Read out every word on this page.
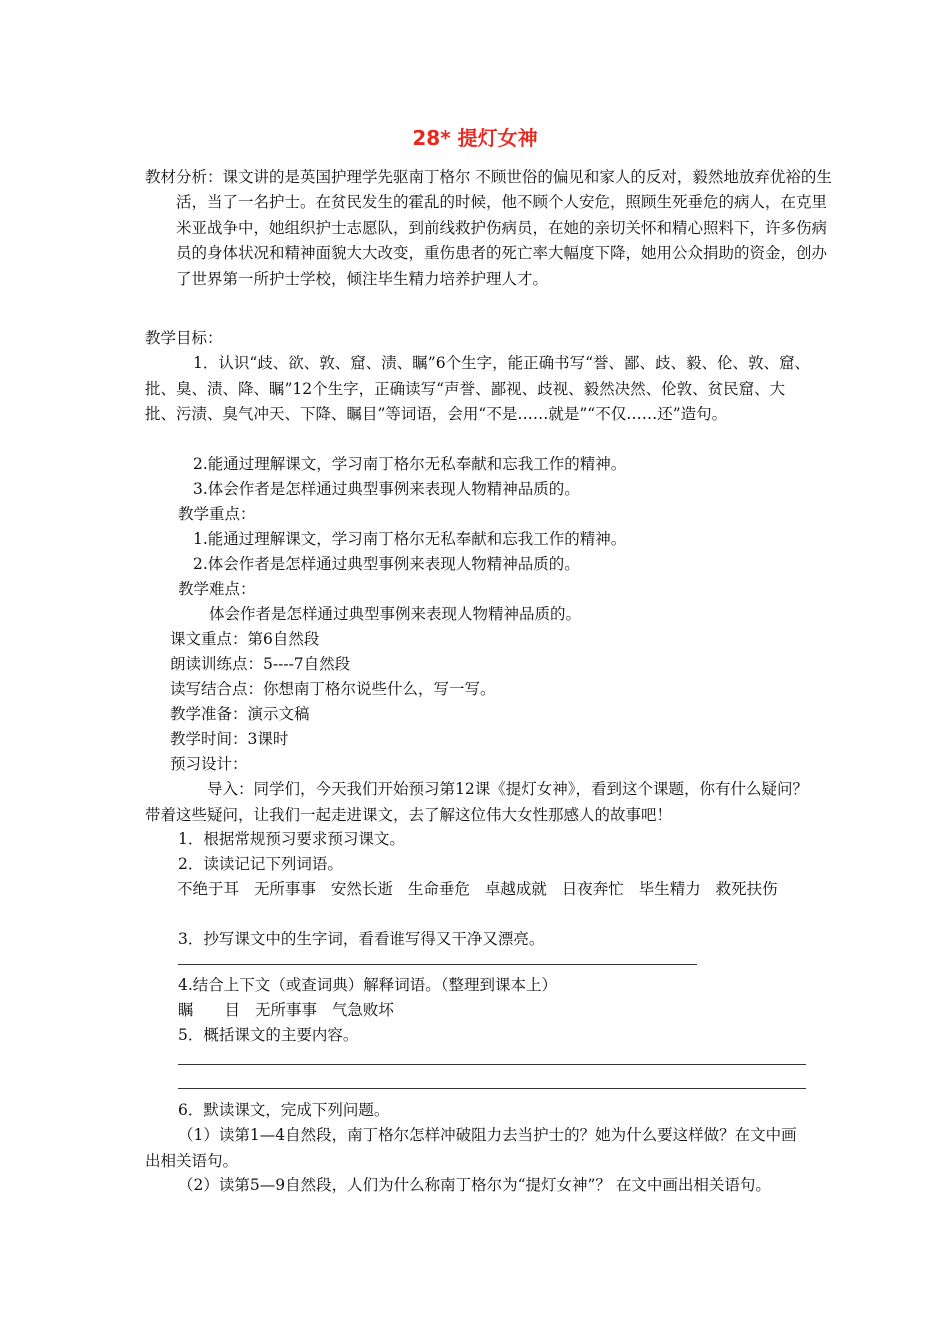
28* 提灯女神

教材分析：课文讲的是英国护理学先驱南丁格尔 不顾世俗的偏见和家人的反对，毅然地放弃优裕的生活，当了一名护士。在贫民发生的霍乱的时候，他不顾个人安危，照顾生死垂危的病人，在克里米亚战争中，她组织护士志愿队，到前线救护伤病员，在她的亲切关怀和精心照料下，许多伤病员的身体状况和精神面貌大大改变，重伤患者的死亡率大幅度下降，她用公众捐助的资金，创办了世界第一所护士学校，倾注毕生精力培养护理人才。

教学目标：

1．认识“歧、欲、敦、窟、渍、瞩”6个生字，能正确书写“誉、鄙、歧、毅、伦、敦、窟、批、臭、渍、降、瞩”12个生字，正确读写“声誉、鄙视、歧视、毅然决然、伦敦、贫民窟、大批、污渍、臭气冲天、下降、瞩目”等词语，会用“不是……就是”“不仅……还”造句。

2.能通过理解课文，学习南丁格尔无私奉献和忘我工作的精神。

3.体会作者是怎样通过典型事例来表现人物精神品质的。

教学重点：

1.能通过理解课文，学习南丁格尔无私奉献和忘我工作的精神。

2.体会作者是怎样通过典型事例来表现人物精神品质的。

教学难点：

体会作者是怎样通过典型事例来表现人物精神品质的。

课文重点：第6自然段

朗读训练点：5----7自然段

读写结合点：你想南丁格尔说些什么，写一写。

教学准备：演示文稿

教学时间：3课时

预习设计：

导入：同学们，今天我们开始预习第12课《提灯女神》，看到这个课题，你有什么疑问？带着这些疑问，让我们一起走进课文，去了解这位伟大女性那感人的故事吧！

1．根据常规预习要求预习课文。

2．读读记记下列词语。

不绝于耳 无所事事 安然长逝 生命垂危 卓越成就 日夜奔忙 毕生精力 救死扶伤

3．抄写课文中的生字词，看看谁写得又干净又漂亮。

4.结合上下文（或查词典）解释词语。（整理到课本上）

瞩　　目 无所事事 气急败坏

5．概括课文的主要内容。

6．默读课文，完成下列问题。

（1）读第1—4自然段，南丁格尔怎样冲破阻力去当护士的？她为什么要这样做？在文中画出相关语句。

（2）读第5—9自然段，人们为什么称南丁格尔为“提灯女神”？ 在文中画出相关语句。
